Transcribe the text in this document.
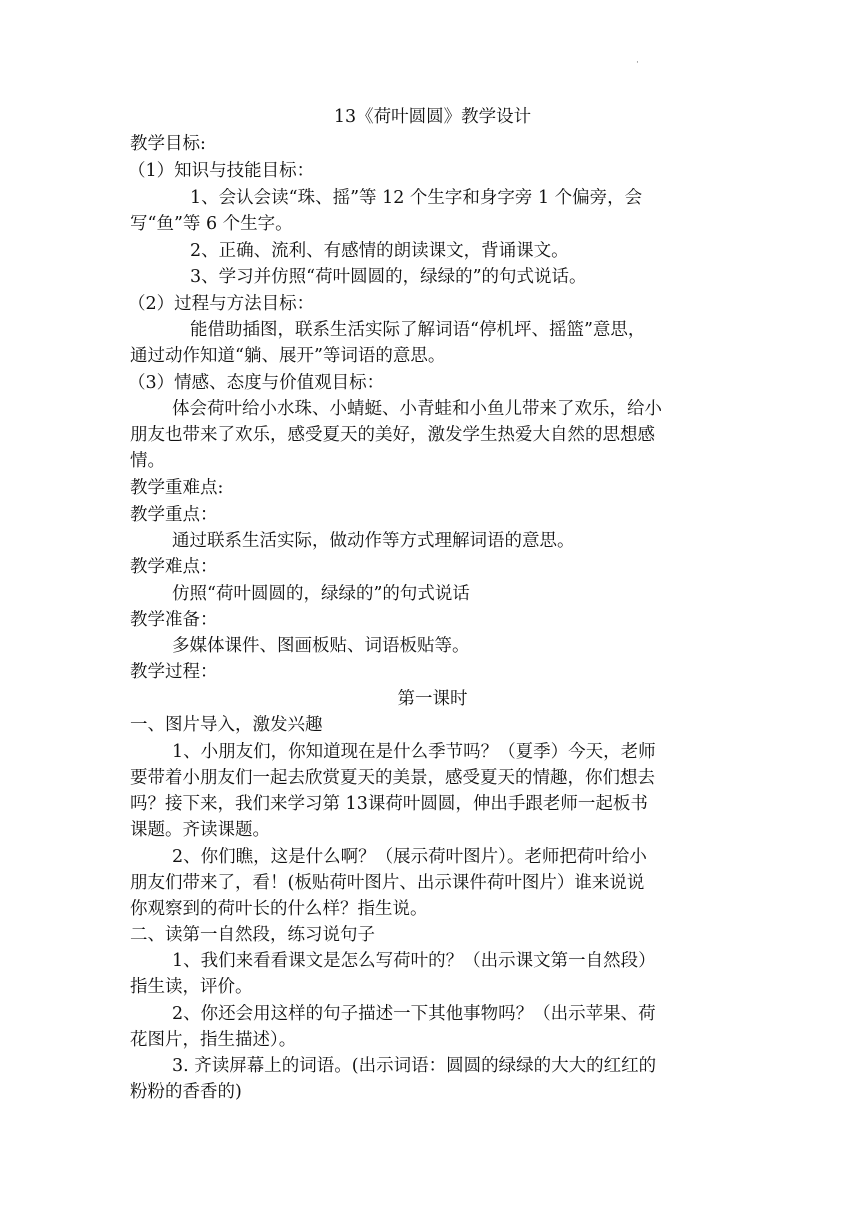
·
13《荷叶圆圆》教学设计
教学目标:
（1）知识与技能目标：
1、会认会读“珠、摇”等 12 个生字和身字旁 1 个偏旁，会
写“鱼”等 6 个生字。
2、正确、流利、有感情的朗读课文，背诵课文。
3、学习并仿照“荷叶圆圆的，绿绿的”的句式说话。
（2）过程与方法目标：
能借助插图，联系生活实际了解词语“停机坪、摇篮”意思，
通过动作知道“躺、展开”等词语的意思。
（3）情感、态度与价值观目标：
体会荷叶给小水珠、小蜻蜓、小青蛙和小鱼儿带来了欢乐，给小
朋友也带来了欢乐，感受夏天的美好，激发学生热爱大自然的思想感
情。
教学重难点:
教学重点：
通过联系生活实际，做动作等方式理解词语的意思。
教学难点：
仿照“荷叶圆圆的，绿绿的”的句式说话
教学准备：
多媒体课件、图画板贴、词语板贴等。
教学过程：
第一课时
一、图片导入，激发兴趣
1、小朋友们，你知道现在是什么季节吗？（夏季）今天，老师
要带着小朋友们一起去欣赏夏天的美景，感受夏天的情趣，你们想去
吗？接下来，我们来学习第 13课荷叶圆圆，伸出手跟老师一起板书
课题。齐读课题。
2、你们瞧，这是什么啊？（展示荷叶图片）。老师把荷叶给小
朋友们带来了，看！(板贴荷叶图片、出示课件荷叶图片）谁来说说
你观察到的荷叶长的什么样？指生说。
二、读第一自然段，练习说句子
1、我们来看看课文是怎么写荷叶的？（出示课文第一自然段）
指生读，评价。
2、你还会用这样的句子描述一下其他事物吗？（出示苹果、荷
花图片，指生描述）。
3. 齐读屏幕上的词语。(出示词语：圆圆的绿绿的大大的红红的
粉粉的香香的)
